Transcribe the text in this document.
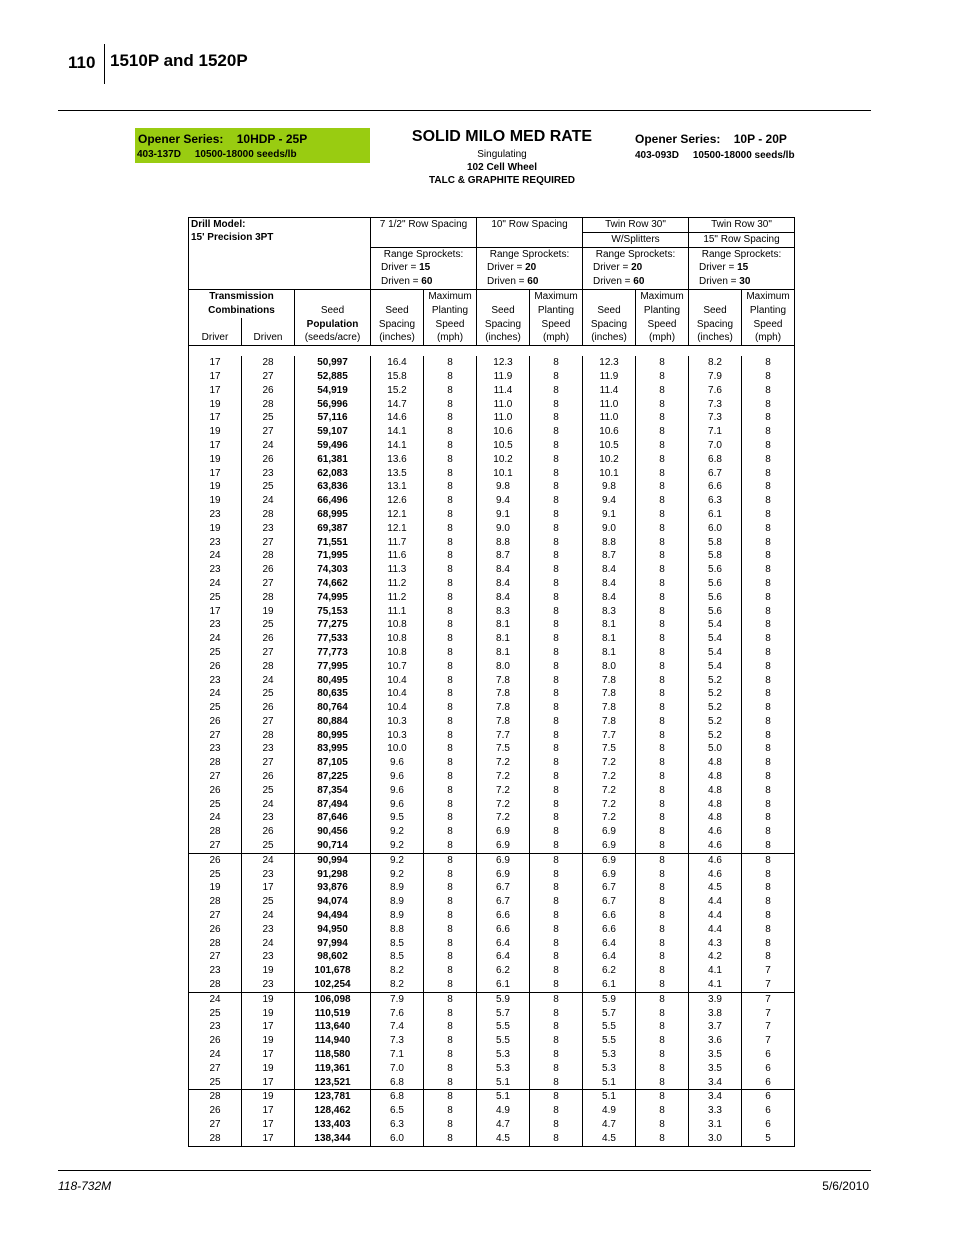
110 1510P and 1520P
Opener Series: 10HDP - 25P
403-137D 10500-18000 seeds/lb
SOLID MILO MED RATE
Singulating
102 Cell Wheel
TALC & GRAPHITE REQUIRED
Opener Series: 10P - 20P
403-093D 10500-18000 seeds/lb
Drill Model:
15' Precision 3PT			7 1/2" Row Spacing		10" Row Spacing		Twin Row 30"		Twin Row 30"	
							W/Splitters		15" Row Spacing	
			Range Sprockets:		Range Sprockets:		Range Sprockets:		Range Sprockets:	
			Driver = 15		Driver = 20		Driver = 20		Driver = 15	
			Driven = 60		Driven = 60		Driven = 60		Driven = 30	
Transmission				Maximum		Maximum		Maximum		Maximum
Combinations		Seed	Seed	Planting	Seed	Planting	Seed	Planting	Seed	Planting
		Population	Spacing	Speed	Spacing	Speed	Spacing	Speed	Spacing	Speed
Driver	Driven	(seeds/acre)	(inches)	(mph)	(inches)	(mph)	(inches)	(mph)	(inches)	(mph)

17	28	50,997	16.4	8	12.3	8	12.3	8	8.2	8
17	27	52,885	15.8	8	11.9	8	11.9	8	7.9	8
17	26	54,919	15.2	8	11.4	8	11.4	8	7.6	8
19	28	56,996	14.7	8	11.0	8	11.0	8	7.3	8
17	25	57,116	14.6	8	11.0	8	11.0	8	7.3	8
19	27	59,107	14.1	8	10.6	8	10.6	8	7.1	8
17	24	59,496	14.1	8	10.5	8	10.5	8	7.0	8
19	26	61,381	13.6	8	10.2	8	10.2	8	6.8	8
17	23	62,083	13.5	8	10.1	8	10.1	8	6.7	8
19	25	63,836	13.1	8	9.8	8	9.8	8	6.6	8
19	24	66,496	12.6	8	9.4	8	9.4	8	6.3	8
23	28	68,995	12.1	8	9.1	8	9.1	8	6.1	8
19	23	69,387	12.1	8	9.0	8	9.0	8	6.0	8
23	27	71,551	11.7	8	8.8	8	8.8	8	5.8	8
24	28	71,995	11.6	8	8.7	8	8.7	8	5.8	8
23	26	74,303	11.3	8	8.4	8	8.4	8	5.6	8
24	27	74,662	11.2	8	8.4	8	8.4	8	5.6	8
25	28	74,995	11.2	8	8.4	8	8.4	8	5.6	8
17	19	75,153	11.1	8	8.3	8	8.3	8	5.6	8
23	25	77,275	10.8	8	8.1	8	8.1	8	5.4	8
24	26	77,533	10.8	8	8.1	8	8.1	8	5.4	8
25	27	77,773	10.8	8	8.1	8	8.1	8	5.4	8
26	28	77,995	10.7	8	8.0	8	8.0	8	5.4	8
23	24	80,495	10.4	8	7.8	8	7.8	8	5.2	8
24	25	80,635	10.4	8	7.8	8	7.8	8	5.2	8
25	26	80,764	10.4	8	7.8	8	7.8	8	5.2	8
26	27	80,884	10.3	8	7.8	8	7.8	8	5.2	8
27	28	80,995	10.3	8	7.7	8	7.7	8	5.2	8
23	23	83,995	10.0	8	7.5	8	7.5	8	5.0	8
28	27	87,105	9.6	8	7.2	8	7.2	8	4.8	8
27	26	87,225	9.6	8	7.2	8	7.2	8	4.8	8
26	25	87,354	9.6	8	7.2	8	7.2	8	4.8	8
25	24	87,494	9.6	8	7.2	8	7.2	8	4.8	8
24	23	87,646	9.5	8	7.2	8	7.2	8	4.8	8
28	26	90,456	9.2	8	6.9	8	6.9	8	4.6	8
27	25	90,714	9.2	8	6.9	8	6.9	8	4.6	8
26	24	90,994	9.2	8	6.9	8	6.9	8	4.6	8
25	23	91,298	9.2	8	6.9	8	6.9	8	4.6	8
19	17	93,876	8.9	8	6.7	8	6.7	8	4.5	8
28	25	94,074	8.9	8	6.7	8	6.7	8	4.4	8
27	24	94,494	8.9	8	6.6	8	6.6	8	4.4	8
26	23	94,950	8.8	8	6.6	8	6.6	8	4.4	8
28	24	97,994	8.5	8	6.4	8	6.4	8	4.3	8
27	23	98,602	8.5	8	6.4	8	6.4	8	4.2	8
23	19	101,678	8.2	8	6.2	8	6.2	8	4.1	7
28	23	102,254	8.2	8	6.1	8	6.1	8	4.1	7
24	19	106,098	7.9	8	5.9	8	5.9	8	3.9	7
25	19	110,519	7.6	8	5.7	8	5.7	8	3.8	7
23	17	113,640	7.4	8	5.5	8	5.5	8	3.7	7
26	19	114,940	7.3	8	5.5	8	5.5	8	3.6	7
24	17	118,580	7.1	8	5.3	8	5.3	8	3.5	6
27	19	119,361	7.0	8	5.3	8	5.3	8	3.5	6
25	17	123,521	6.8	8	5.1	8	5.1	8	3.4	6
28	19	123,781	6.8	8	5.1	8	5.1	8	3.4	6
26	17	128,462	6.5	8	4.9	8	4.9	8	3.3	6
27	17	133,403	6.3	8	4.7	8	4.7	8	3.1	6
28	17	138,344	6.0	8	4.5	8	4.5	8	3.0	5
118-732M	5/6/2010
